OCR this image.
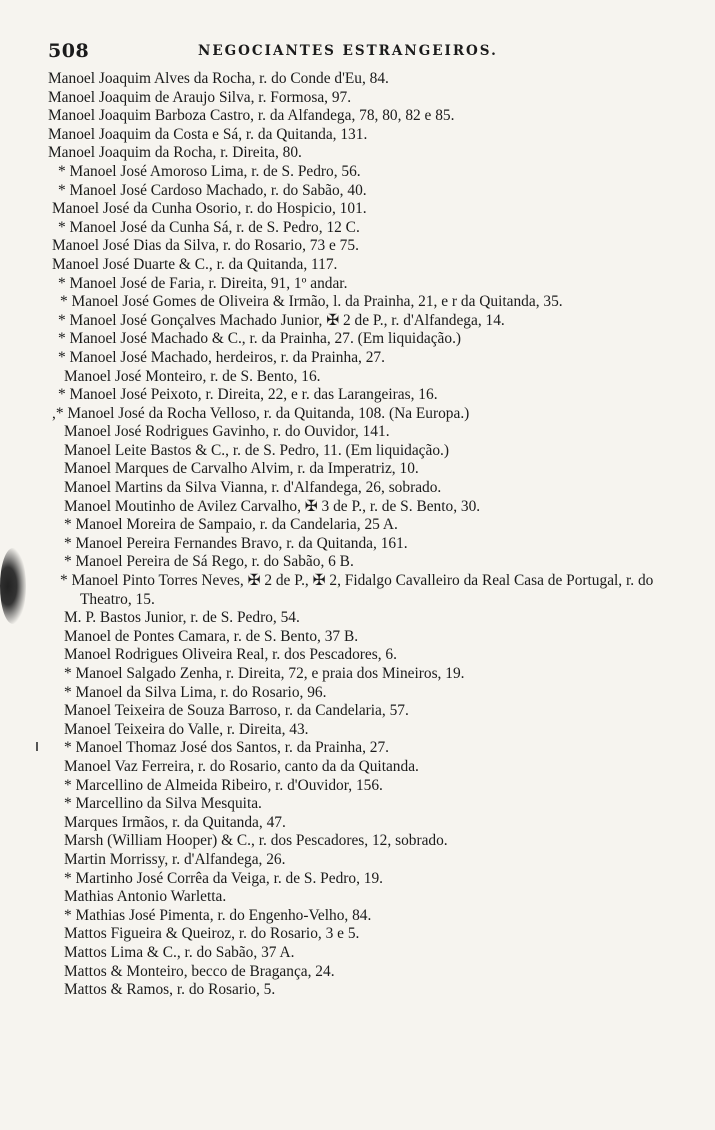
508	NEGOCIANTES ESTRANGEIROS.
Manoel Joaquim Alves da Rocha, r. do Conde d'Eu, 84.
Manoel Joaquim de Araujo Silva, r. Formosa, 97.
Manoel Joaquim Barboza Castro, r. da Alfandega, 78, 80, 82 e 85.
Manoel Joaquim da Costa e Sá, r. da Quitanda, 131.
Manoel Joaquim da Rocha, r. Direita, 80.
* Manoel José Amoroso Lima, r. de S. Pedro, 56.
* Manoel José Cardoso Machado, r. do Sabão, 40.
Manoel José da Cunha Osorio, r. do Hospicio, 101.
* Manoel José da Cunha Sá, r. de S. Pedro, 12 C.
Manoel José Dias da Silva, r. do Rosario, 73 e 75.
Manoel José Duarte & C., r. da Quitanda, 117.
* Manoel José de Faria, r. Direita, 91, 1º andar.
* Manoel José Gomes de Oliveira & Irmão, l. da Prainha, 21, e r da Quitanda, 35.
* Manoel José Gonçalves Machado Junior, ✠ 2 de P., r. d'Alfandega, 14.
* Manoel José Machado & C., r. da Prainha, 27. (Em liquidação.)
* Manoel José Machado, herdeiros, r. da Prainha, 27.
Manoel José Monteiro, r. de S. Bento, 16.
* Manoel José Peixoto, r. Direita, 22, e r. das Larangeiras, 16.
,* Manoel José da Rocha Velloso, r. da Quitanda, 108. (Na Europa.)
Manoel José Rodrigues Gavinho, r. do Ouvidor, 141.
Manoel Leite Bastos & C., r. de S. Pedro, 11. (Em liquidação.)
Manoel Marques de Carvalho Alvim, r. da Imperatriz, 10.
Manoel Martins da Silva Vianna, r. d'Alfandega, 26, sobrado.
Manoel Moutinho de Avilez Carvalho, ✠ 3 de P., r. de S. Bento, 30.
* Manoel Moreira de Sampaio, r. da Candelaria, 25 A.
* Manoel Pereira Fernandes Bravo, r. da Quitanda, 161.
* Manoel Pereira de Sá Rego, r. do Sabão, 6 B.
* Manoel Pinto Torres Neves, ✠ 2 de P., ✠ 2, Fidalgo Cavalleiro da Real Casa de Portugal, r. do Theatro, 15.
M. P. Bastos Junior, r. de S. Pedro, 54.
Manoel de Pontes Camara, r. de S. Bento, 37 B.
Manoel Rodrigues Oliveira Real, r. dos Pescadores, 6.
* Manoel Salgado Zenha, r. Direita, 72, e praia dos Mineiros, 19.
* Manoel da Silva Lima, r. do Rosario, 96.
Manoel Teixeira de Souza Barroso, r. da Candelaria, 57.
Manoel Teixeira do Valle, r. Direita, 43.
* Manoel Thomaz José dos Santos, r. da Prainha, 27.
Manoel Vaz Ferreira, r. do Rosario, canto da da Quitanda.
* Marcellino de Almeida Ribeiro, r. d'Ouvidor, 156.
* Marcellino da Silva Mesquita.
Marques Irmãos, r. da Quitanda, 47.
Marsh (William Hooper) & C., r. dos Pescadores, 12, sobrado.
Martin Morrissy, r. d'Alfandega, 26.
* Martinho José Corrêa da Veiga, r. de S. Pedro, 19.
Mathias Antonio Warletta.
* Mathias José Pimenta, r. do Engenho-Velho, 84.
Mattos Figueira & Queiroz, r. do Rosario, 3 e 5.
Mattos Lima & C., r. do Sabão, 37 A.
Mattos & Monteiro, becco de Bragança, 24.
Mattos & Ramos, r. do Rosario, 5.
